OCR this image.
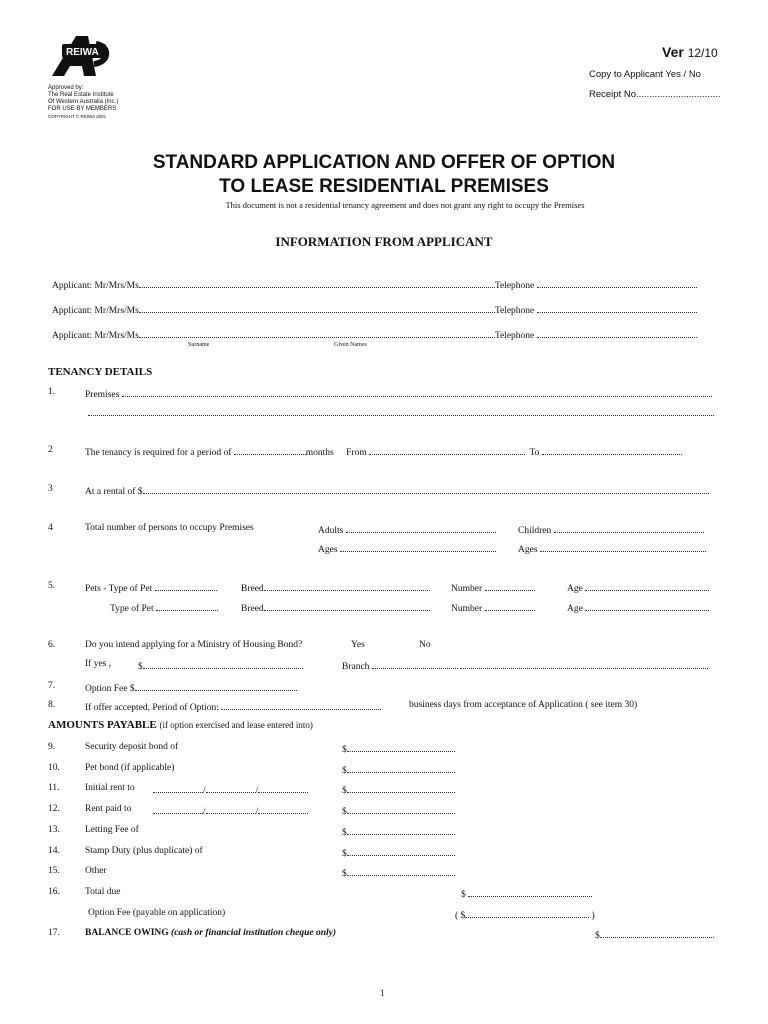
REIWA
Approved by:
The Real Estate Institute
Of Western Australia (Inc.)
FOR USE BY MEMBERS
COPYRIGHT © REIWA 2001
Ver 12/10
Copy to Applicant Yes / No
Receipt No................................
STANDARD APPLICATION AND OFFER OF OPTION
TO LEASE RESIDENTIAL PREMISES
This document is not a residential tenancy agreement and does not grant any right to occupy the Premises
INFORMATION FROM APPLICANT
Applicant: Mr/Mrs/Ms	Telephone
Applicant: Mr/Mrs/Ms	Telephone
Applicant: Mr/Mrs/Ms	Telephone
Surname	Given Names
TENANCY DETAILS
1.	Premises
2	The tenancy is required for a period of	months From	To
3	At a rental of $
4	Total number of persons to occupy Premises	Adults	Children
Ages	Ages
5.	Pets - Type of Pet	Breed	Number	Age
Type of Pet	Breed	Number	Age
6.	Do you intend applying for a Ministry of Housing Bond?	Yes	No
If yes ,	$	Branch
7.	Option Fee $
8.	If offer accepted, Period of Option:	business days from acceptance of Application ( see item 30)
AMOUNTS PAYABLE (if option exercised and lease entered into)
9.	Security deposit bond of	$
10.	Pet bond (if applicable)	$
11.	Initial rent to	/	/	$
12.	Rent paid to	/	/	$
13.	Letting Fee of	$
14.	Stamp Duty (plus duplicate) of	$
15.	Other	$
16.	Total due	$
Option Fee (payable on application)	( $	)
17.	BALANCE OWING (cash or financial institution cheque only)	$
1
